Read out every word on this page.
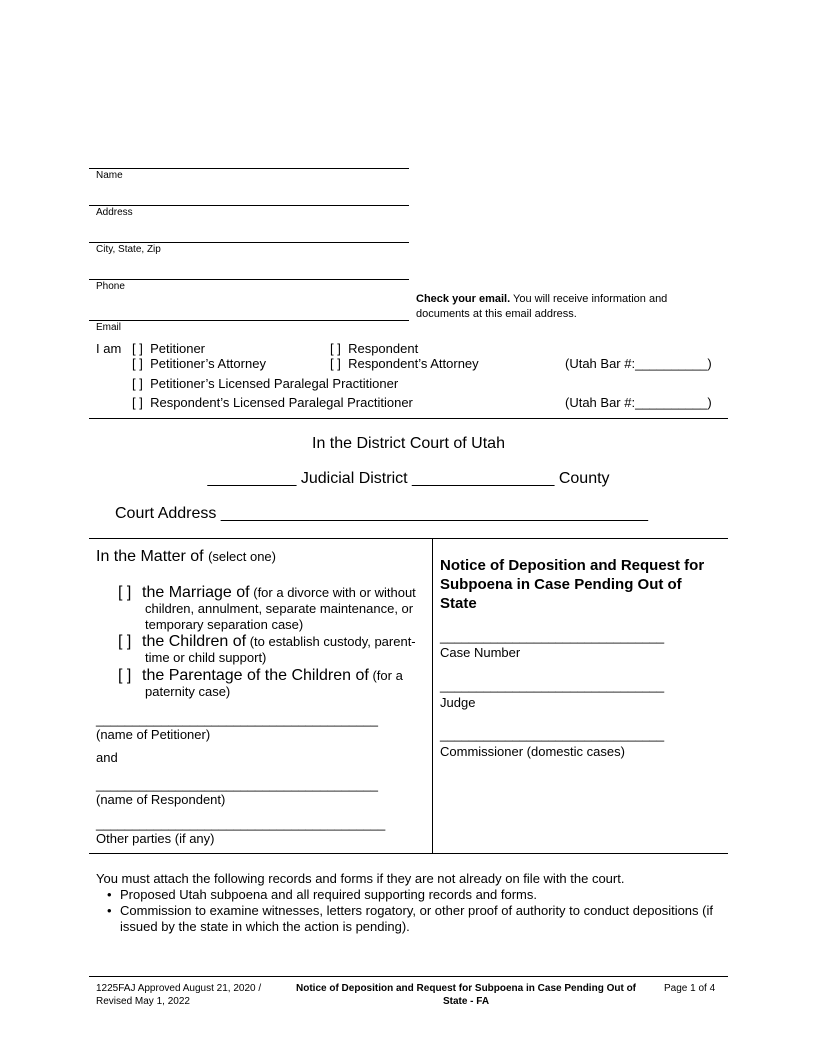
Name
Address
City, State, Zip
Phone
Check your email. You will receive information and documents at this email address.
Email
I am [ ] Petitioner	[ ] Respondent
[ ] Petitioner’s Attorney	[ ] Respondent’s Attorney	(Utah Bar #:__________)
[ ] Petitioner’s Licensed Paralegal Practitioner
[ ] Respondent’s Licensed Paralegal Practitioner	(Utah Bar #:__________)
In the District Court of Utah
__________ Judicial District ________________ County
Court Address ________________________________________________
In the Matter of (select one)
[ ] the Marriage of (for a divorce with or without
children, annulment, separate maintenance, or temporary separation case)
[ ] the Children of (to establish custody, parent-
time or child support)
[ ] the Parentage of the Children of (for a
paternity case)
_______________________________________
(name of Petitioner)
and
_______________________________________
(name of Respondent)
________________________________________
Other parties (if any)
Notice of Deposition and Request for Subpoena in Case Pending Out of State
_______________________________
Case Number
_______________________________
Judge
_______________________________
Commissioner (domestic cases)
You must attach the following records and forms if they are not already on file with the court.
• Proposed Utah subpoena and all required supporting records and forms.
• Commission to examine witnesses, letters rogatory, or other proof of authority to conduct depositions (if issued by the state in which the action is pending).
1225FAJ Approved August 21, 2020 / Revised May 1, 2022
Notice of Deposition and Request for Subpoena in Case Pending Out of State - FA
Page 1 of 4
